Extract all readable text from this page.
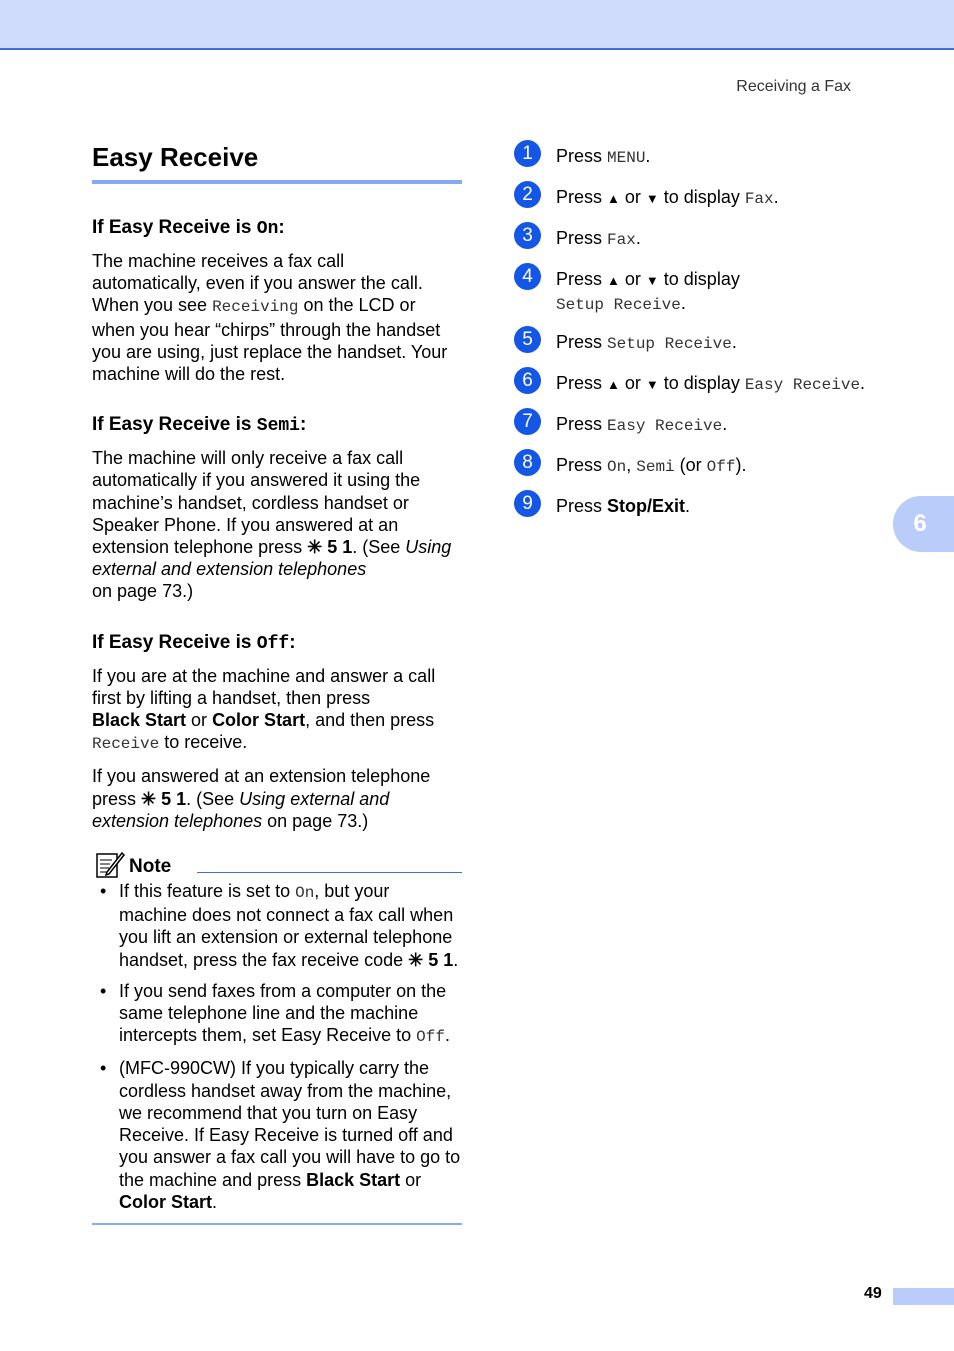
Receiving a Fax
Easy Receive
If Easy Receive is On:

The machine receives a fax call

automatically, even if you answer the call.

When you see Receiving on the LCD or

when you hear “chirps” through the handset

you are using, just replace the handset. Your

machine will do the rest.

If Easy Receive is Semi:

The machine will only receive a fax call

automatically if you answered it using the

machine’s handset, cordless handset or

Speaker Phone. If you answered at an

extension telephone press ✳ 5 1. (See Using

external and extension telephones

on page 73.)

If Easy Receive is Off:

If you are at the machine and answer a call

first by lifting a handset, then press

Black Start or Color Start, and then press

Receive to receive.

If you answered at an extension telephone

press ✳ 5 1. (See Using external and

extension telephones on page 73.)

Note
• If this feature is set to On, but your
machine does not connect a fax call when
you lift an extension or external telephone
handset, press the fax receive code ✳ 5 1.
• If you send faxes from a computer on the
same telephone line and the machine
intercepts them, set Easy Receive to Off.
• (MFC-990CW) If you typically carry the
cordless handset away from the machine,
we recommend that you turn on Easy
Receive. If Easy Receive is turned off and
you answer a fax call you will have to go to
the machine and press Black Start or
Color Start.
1	Press MENU.
2	Press ▲ or ▼ to display Fax.
3	Press Fax.
4	Press ▲ or ▼ to display
Setup Receive.
5	Press Setup Receive.
6	Press ▲ or ▼ to display Easy Receive.
7	Press Easy Receive.
8	Press On, Semi (or Off).
9	Press Stop/Exit.
6
49
